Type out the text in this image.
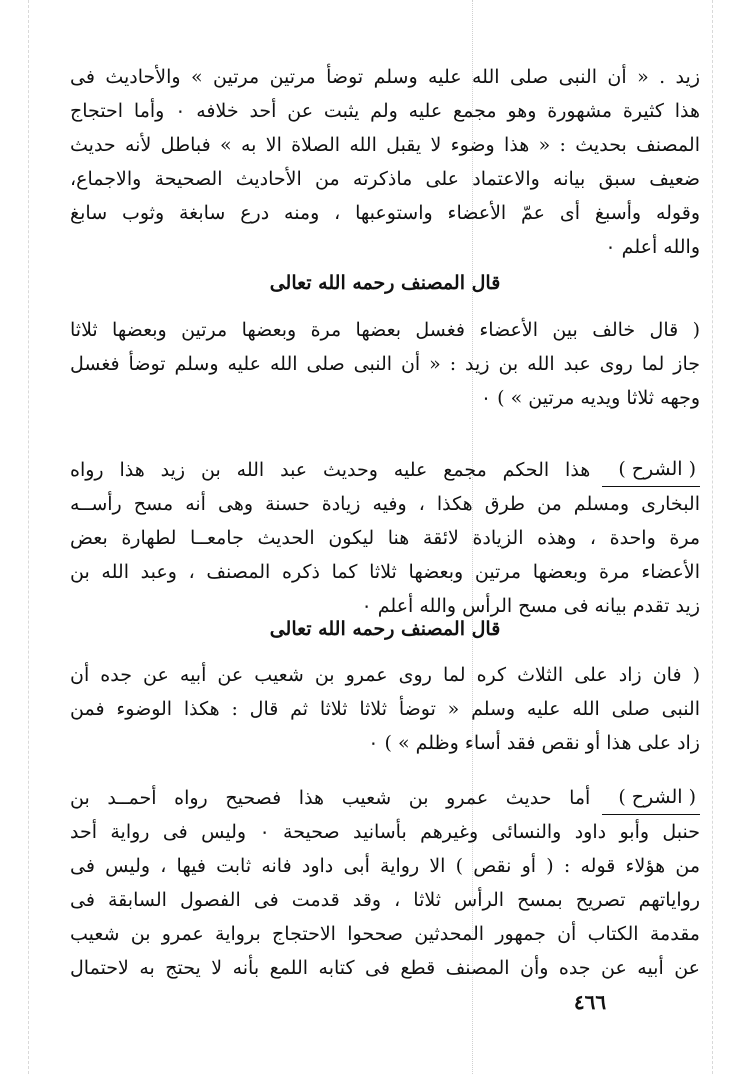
زيد . « أن النبى صلى الله عليه وسلم توضأ مرتين مرتين » والأحاديث فى
هذا كثيرة مشهورة وهو مجمع عليه ولم يثبت عن أحد خلافه ٠ وأما احتجاج
المصنف بحديث : « هذا وضوء لا يقبل الله الصلاة الا به » فباطل لأنه حديث
ضعيف سبق بيانه والاعتماد على ماذكرته من الأحاديث الصحيحة والاجماع،
وقوله وأسبغ أى عمّ الأعضاء واستوعبها ، ومنه درع سابغة وثوب سابغ
والله أعلم ٠
قال المصنف رحمه الله تعالى
( قال خالف بين الأعضاء فغسل بعضها مرة وبعضها مرتين وبعضها ثلاثا
جاز لما روى عبد الله بن زيد : « أن النبى صلى الله عليه وسلم توضأ فغسل
وجهه ثلاثا ويديه مرتين » ) ٠
( الشرح )
هذا الحكم مجمع عليه وحديث عبد الله بن زيد هذا رواه
البخارى ومسلم من طرق هكذا ، وفيه زيادة حسنة وهى أنه مسح رأســه
مرة واحدة ، وهذه الزيادة لائقة هنا ليكون الحديث جامعــا لطهارة بعض
الأعضاء مرة وبعضها مرتين وبعضها ثلاثا كما ذكره المصنف ، وعبد الله بن
زيد تقدم بيانه فى مسح الرأس والله أعلم ٠
قال المصنف رحمه الله تعالى
( فان زاد على الثلاث كره لما روى عمرو بن شعيب عن أبيه عن جده أن
النبى صلى الله عليه وسلم « توضأ ثلاثا ثلاثا ثم قال : هكذا الوضوء فمن
زاد على هذا أو نقص فقد أساء وظلم » ) ٠
( الشرح )
أما حديث عمرو بن شعيب هذا فصحيح رواه أحمــد بن
حنبل وأبو داود والنسائى وغيرهم بأسانيد صحيحة ٠ وليس فى رواية أحد
من هؤلاء قوله : ( أو نقص ) الا رواية أبى داود فانه ثابت فيها ، وليس فى
رواياتهم تصريح بمسح الرأس ثلاثا ، وقد قدمت فى الفصول السابقة فى
مقدمة الكتاب أن جمهور المحدثين صححوا الاحتجاج برواية عمرو بن شعيب
عن أبيه عن جده وأن المصنف قطع فى كتابه اللمع بأنه لا يحتج به لاحتمال
٤٦٦
